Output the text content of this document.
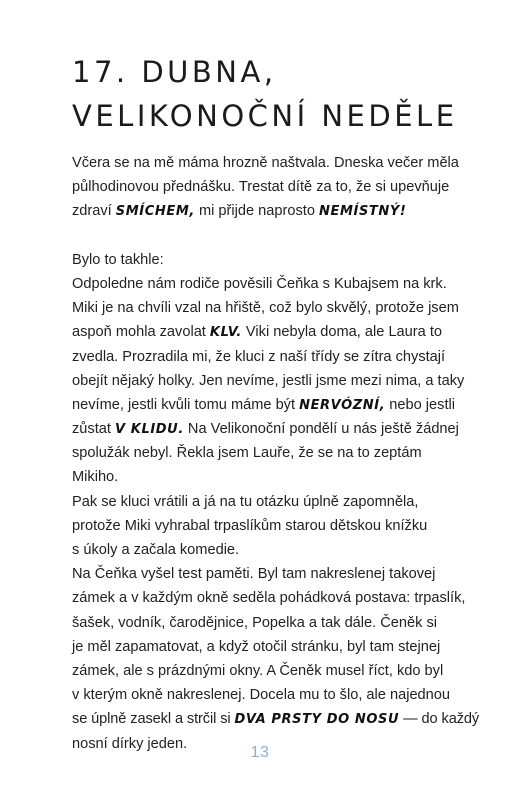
17. DUBNA,
VELIKONOČNÍ NEDĚLE
Včera se na mě máma hrozně naštvala. Dneska večer měla
půlhodinovou přednášku. Trestat dítě za to, že si upevňuje
zdraví SMÍCHEM, mi přijde naprosto NEMÍSTNÝ!
Bylo to takhle:
Odpoledne nám rodiče pověsili Čeňka s Kubajsem na krk.
Miki je na chvíli vzal na hřiště, což bylo skvělý, protože jsem
aspoň mohla zavolat KLV. Viki nebyla doma, ale Laura to
zvedla. Prozradila mi, že kluci z naší třídy se zítra chystají
obejít nějaký holky. Jen nevíme, jestli jsme mezi nima, a taky
nevíme, jestli kvůli tomu máme být NERVÓZNÍ, nebo jestli
zůstat V KLIDU. Na Velikonoční pondělí u nás ještě žádnej
spolužák nebyl. Řekla jsem Lauře, že se na to zeptám
Mikiho.
Pak se kluci vrátili a já na tu otázku úplně zapomněla,
protože Miki vyhrabal trpaslíkům starou dětskou knížku
s úkoly a začala komedie.
Na Čeňka vyšel test paměti. Byl tam nakreslenej takovej
zámek a v každým okně seděla pohádková postava: trpaslík,
šašek, vodník, čarodějnice, Popelka a tak dále. Čeněk si
je měl zapamatovat, a když otočil stránku, byl tam stejnej
zámek, ale s prázdnými okny. A Čeněk musel říct, kdo byl
v kterým okně nakreslenej. Docela mu to šlo, ale najednou
se úplně zasekl a strčil si DVA PRSTY DO NOSU — do každý
nosní dírky jeden.
13
